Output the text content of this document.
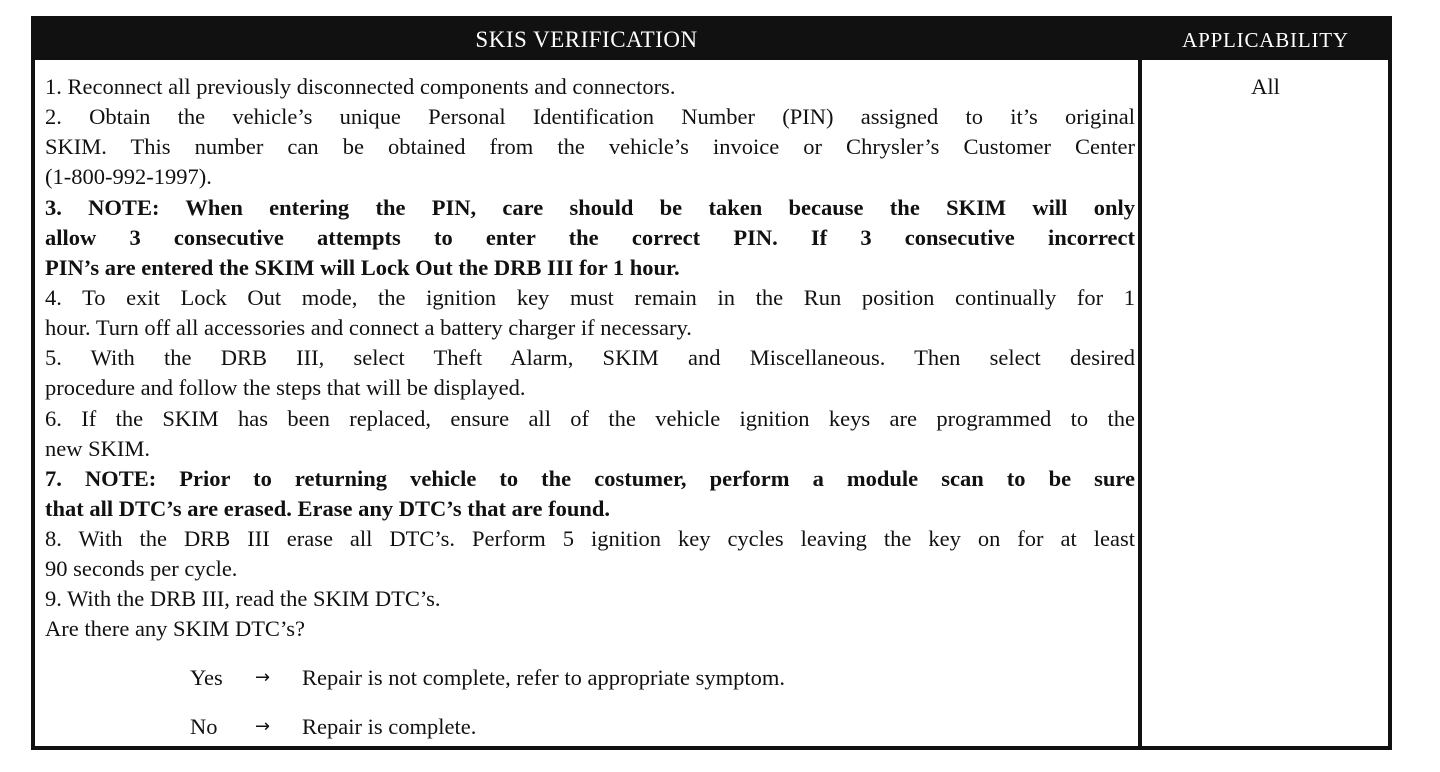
SKIS VERIFICATION	APPLICABILITY
1. Reconnect all previously disconnected components and connectors.
2. Obtain the vehicle’s unique Personal Identification Number (PIN) assigned to it’s original
SKIM. This number can be obtained from the vehicle’s invoice or Chrysler’s Customer Center
(1-800-992-1997).
3. NOTE: When entering the PIN, care should be taken because the SKIM will only
allow 3 consecutive attempts to enter the correct PIN. If 3 consecutive incorrect
PIN’s are entered the SKIM will Lock Out the DRB III for 1 hour.
4. To exit Lock Out mode, the ignition key must remain in the Run position continually for 1
hour. Turn off all accessories and connect a battery charger if necessary.
5. With the DRB III, select Theft Alarm, SKIM and Miscellaneous. Then select desired
procedure and follow the steps that will be displayed.
6. If the SKIM has been replaced, ensure all of the vehicle ignition keys are programmed to the
new SKIM.
7. NOTE: Prior to returning vehicle to the costumer, perform a module scan to be sure
that all DTC’s are erased. Erase any DTC’s that are found.
8. With the DRB III erase all DTC’s. Perform 5 ignition key cycles leaving the key on for at least
90 seconds per cycle.
9. With the DRB III, read the SKIM DTC’s.
Are there any SKIM DTC’s?
Yes → Repair is not complete, refer to appropriate symptom.
No → Repair is complete.
All
